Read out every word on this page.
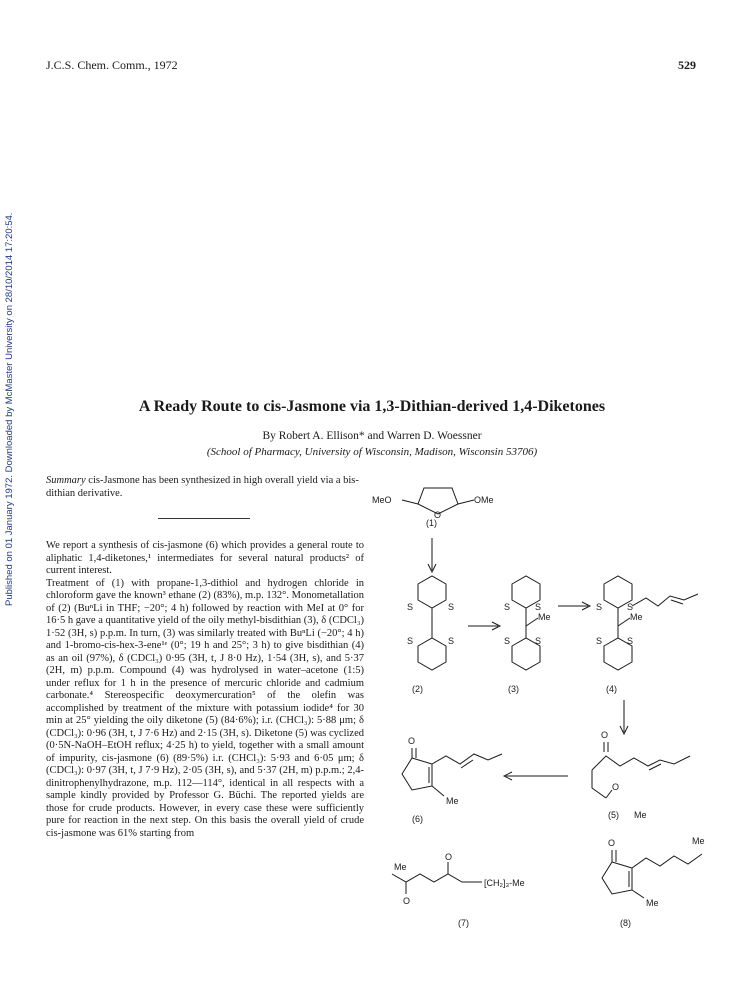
J.C.S. Chem. Comm., 1972	529
Published on 01 January 1972. Downloaded by McMaster University on 28/10/2014 17:20:54.	A Ready Route to cis-Jasmone via 1,3-Dithian-derived 1,4-Diketones
By Robert A. Ellison* and Warren D. Woessner
(School of Pharmacy, University of Wisconsin, Madison, Wisconsin 53706)
Summary cis-Jasmone has been synthesized in high overall yield via a bis-dithian derivative.
We report a synthesis of cis-jasmone (6) which provides a general route to aliphatic 1,4-diketones,¹ intermediates for several natural products² of current interest.
Treatment of (1) with propane-1,3-dithiol and hydrogen chloride in chloroform gave the known³ ethane (2) (83%), m.p. 132°. Monometallation of (2) (BuⁿLi in THF; −20°; 4 h) followed by reaction with MeI at 0° for 16·5 h gave a quantitative yield of the oily methyl-bisdithian (3), δ (CDCl₃) 1·52 (3H, s) p.p.m. In turn, (3) was similarly treated with BuⁿLi (−20°; 4 h) and 1-bromo-cis-hex-3-ene¹ᵉ (0°; 19 h and 25°; 3 h) to give bisdithian (4) as an oil (97%), δ (CDCl₃) 0·95 (3H, t, J 8·0 Hz), 1·54 (3H, s), and 5·37 (2H, m) p.p.m. Compound (4) was hydrolysed in water–acetone (1:5) under reflux for 1 h in the presence of mercuric chloride and cadmium carbonate.⁴ Stereospecific deoxymercuration⁵ of the olefin was accomplished by treatment of the mixture with potassium iodide⁴ for 30 min at 25° yielding the oily diketone (5) (84·6%); i.r. (CHCl₃): 5·88 μm; δ (CDCl₃): 0·96 (3H, t, J 7·6 Hz) and 2·15 (3H, s). Diketone (5) was cyclized (0·5N-NaOH–EtOH reflux; 4·25 h) to yield, together with a small amount of impurity, cis-jasmone (6) (89·5%) i.r. (CHCl₃): 5·93 and 6·05 μm; δ (CDCl₃): 0·97 (3H, t, J 7·9 Hz), 2·05 (3H, s), and 5·37 (2H, m) p.p.m.; 2,4-dinitrophenylhydrazone, m.p. 112—114°, identical in all respects with a sample kindly provided by Professor G. Büchi. The reported yields are those for crude products. However, in every case these were sufficiently pure for reaction in the next step. On this basis the overall yield of crude cis-jasmone was 61% starting from
O
MeO	OMe
(1)
S	S
S	S
(2)
S	S
Me
S	S
(3)
S	S
Me
S	S
(4)
O
O
(5) Me
O
Me
(6)
Me
O
O
[CH₂]₃-Me
(7)
O	Me
Me
(8)
